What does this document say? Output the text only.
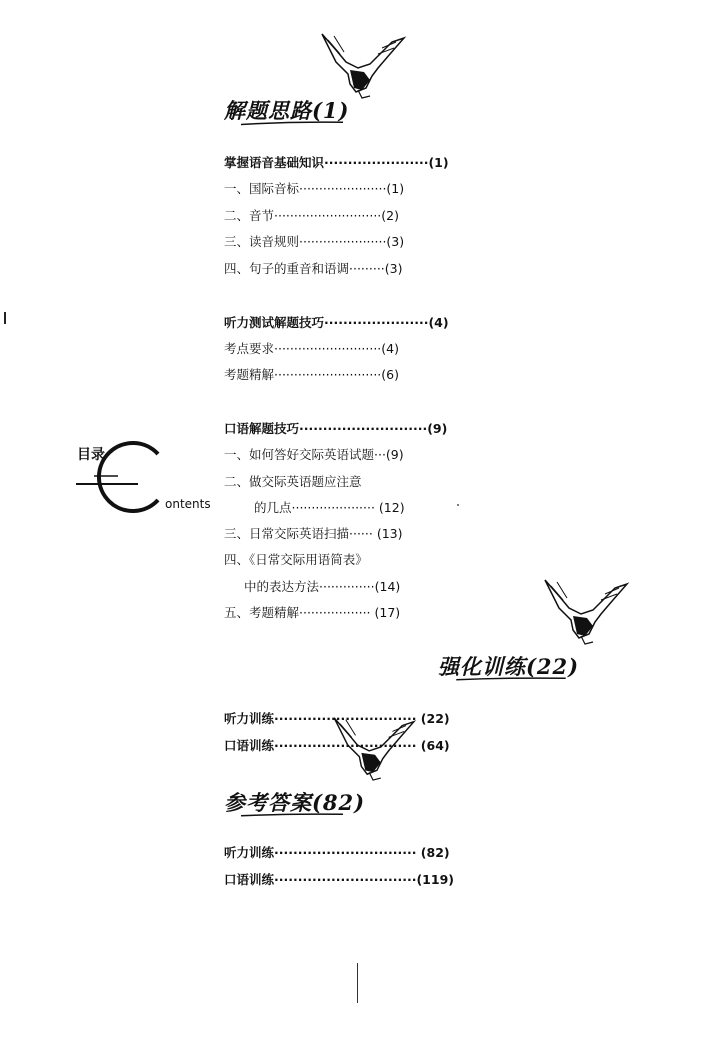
解题思路(1)
掌握语音基础知识······················(1)
一、国际音标······················(1)
二、音节···························(2)
三、读音规则······················(3)
四、句子的重音和语调·········(3)
听力测试解题技巧······················(4)
考点要求···························(4)
考题精解···························(6)
口语解题技巧···························(9)
一、如何答好交际英语试题···(9)
二、做交际英语题应注意
的几点····················· (12)
三、日常交际英语扫描······ (13)
四、《日常交际用语简表》
中的表达方法··············(14)
五、考题精解·················· (17)
强化训练(22)
听力训练······························ (22)
口语训练······························ (64)
参考答案(82)
听力训练······························ (82)
口语训练······························(119)
目录
ontents
